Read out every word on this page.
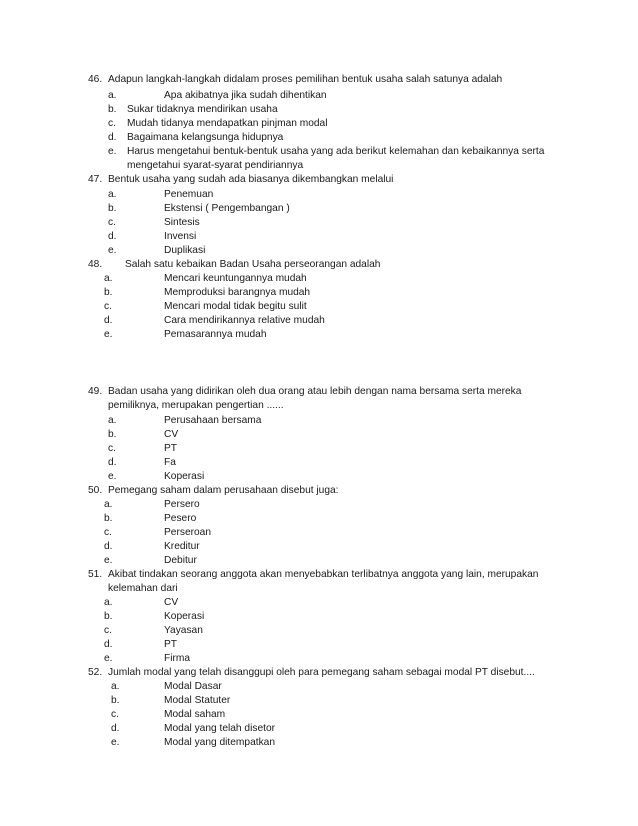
46. Adapun langkah-langkah didalam proses pemilihan bentuk usaha salah satunya adalah
a.	Apa akibatnya jika sudah dihentikan
b. Sukar tidaknya mendirikan usaha
c. Mudah tidanya mendapatkan pinjman modal
d. Bagaimana kelangsunga hidupnya
e. Harus mengetahui bentuk-bentuk usaha yang ada berikut kelemahan dan kebaikannya serta
mengetahui syarat-syarat pendiriannya
47. Bentuk usaha yang sudah ada biasanya dikembangkan melalui
a.	Penemuan
b.	Ekstensi ( Pengembangan )
c.	Sintesis
d.	Invensi
e.	Duplikasi
48. Salah satu kebaikan Badan Usaha perseorangan adalah
a.	Mencari keuntungannya mudah
b.	Memproduksi barangnya mudah
c.	Mencari modal tidak begitu sulit
d.	Cara mendirikannya relative mudah
e.	Pemasarannya mudah
49. Badan usaha yang didirikan oleh dua orang atau lebih dengan nama bersama serta mereka
pemiliknya, merupakan pengertian ......
a.	Perusahaan bersama
b.	CV
c.	PT
d.	Fa
e.	Koperasi
50. Pemegang saham dalam perusahaan disebut juga:
a.	Persero
b.	Pesero
c.	Perseroan
d.	Kreditur
e.	Debitur
51. Akibat tindakan seorang anggota akan menyebabkan terlibatnya anggota yang lain, merupakan
kelemahan dari
a.	CV
b.	Koperasi
c.	Yayasan
d.	PT
e.	Firma
52. Jumlah modal yang telah disanggupi oleh para pemegang saham sebagai modal PT disebut....
a.	Modal Dasar
b.	Modal Statuter
c.	Modal saham
d.	Modal yang telah disetor
e.	Modal yang ditempatkan
